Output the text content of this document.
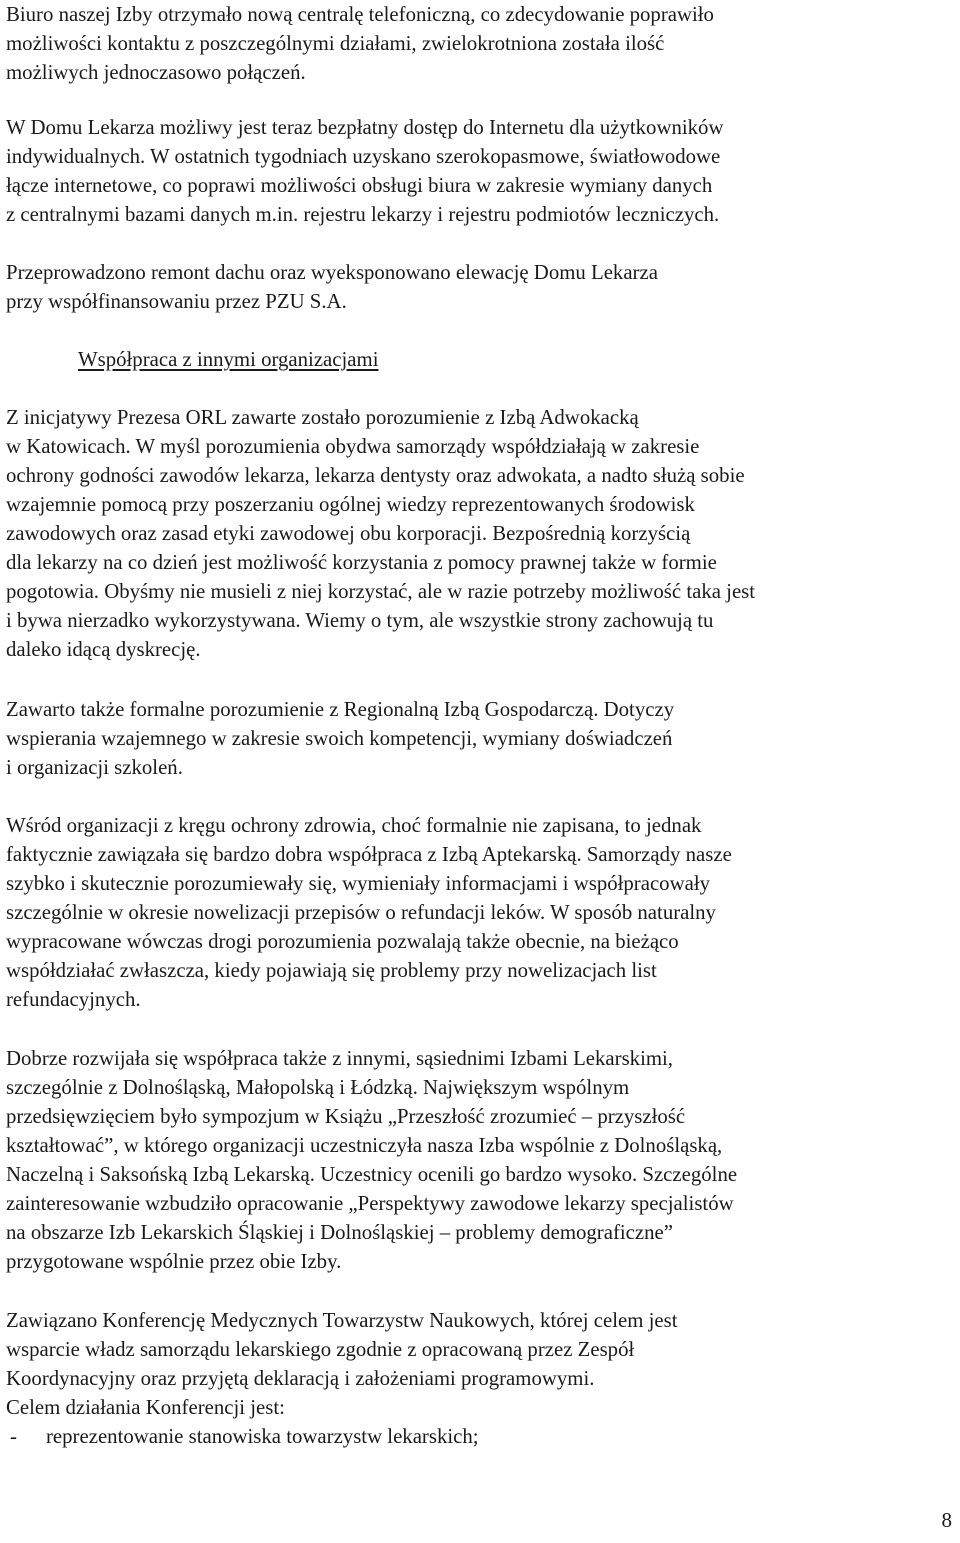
Biuro naszej Izby otrzymało nową centralę telefoniczną, co zdecydowanie poprawiło
możliwości kontaktu z poszczególnymi działami, zwielokrotniona została ilość
możliwych jednoczasowo połączeń.

W Domu Lekarza możliwy jest teraz bezpłatny dostęp do Internetu dla użytkowników
indywidualnych. W ostatnich tygodniach uzyskano szerokopasmowe, światłowodowe
łącze internetowe, co poprawi możliwości obsługi biura w zakresie wymiany danych
z centralnymi bazami danych m.in. rejestru lekarzy i rejestru podmiotów leczniczych.

Przeprowadzono remont dachu oraz wyeksponowano elewację Domu Lekarza
przy współfinansowaniu przez PZU S.A.

Współpraca z innymi organizacjami

Z inicjatywy Prezesa ORL zawarte zostało porozumienie z Izbą Adwokacką
w Katowicach. W myśl porozumienia obydwa samorządy współdziałają w zakresie
ochrony godności zawodów lekarza, lekarza dentysty oraz adwokata, a nadto służą sobie
wzajemnie pomocą przy poszerzaniu ogólnej wiedzy reprezentowanych środowisk
zawodowych oraz zasad etyki zawodowej obu korporacji. Bezpośrednią korzyścią
dla lekarzy na co dzień jest możliwość korzystania z pomocy prawnej także w formie
pogotowia. Obyśmy nie musieli z niej korzystać, ale w razie potrzeby możliwość taka jest
i bywa nierzadko wykorzystywana. Wiemy o tym, ale wszystkie strony zachowują tu
daleko idącą dyskrecję.

Zawarto także formalne porozumienie z Regionalną Izbą Gospodarczą. Dotyczy
wspierania wzajemnego w zakresie swoich kompetencji, wymiany doświadczeń
i organizacji szkoleń.

Wśród organizacji z kręgu ochrony zdrowia, choć formalnie nie zapisana, to jednak
faktycznie zawiązała się bardzo dobra współpraca z Izbą Aptekarską. Samorządy nasze
szybko i skutecznie porozumiewały się, wymieniały informacjami i współpracowały
szczególnie w okresie nowelizacji przepisów o refundacji leków. W sposób naturalny
wypracowane wówczas drogi porozumienia pozwalają także obecnie, na bieżąco
współdziałać zwłaszcza, kiedy pojawiają się problemy przy nowelizacjach list
refundacyjnych.

Dobrze rozwijała się współpraca także z innymi, sąsiednimi Izbami Lekarskimi,
szczególnie z Dolnośląską, Małopolską i Łódzką. Największym wspólnym
przedsięwzięciem było sympozjum w Książu „Przeszłość zrozumieć – przyszłość
kształtować”, w którego organizacji uczestniczyła nasza Izba wspólnie z Dolnośląską,
Naczelną i Saksońską Izbą Lekarską. Uczestnicy ocenili go bardzo wysoko. Szczególne
zainteresowanie wzbudziło opracowanie „Perspektywy zawodowe lekarzy specjalistów
na obszarze Izb Lekarskich Śląskiej i Dolnośląskiej – problemy demograficzne”
przygotowane wspólnie przez obie Izby.

Zawiązano Konferencję Medycznych Towarzystw Naukowych, której celem jest
wsparcie władz samorządu lekarskiego zgodnie z opracowaną przez Zespół
Koordynacyjny oraz przyjętą deklaracją i założeniami programowymi.
Celem działania Konferencji jest:

- reprezentowanie stanowiska towarzystw lekarskich;

8
